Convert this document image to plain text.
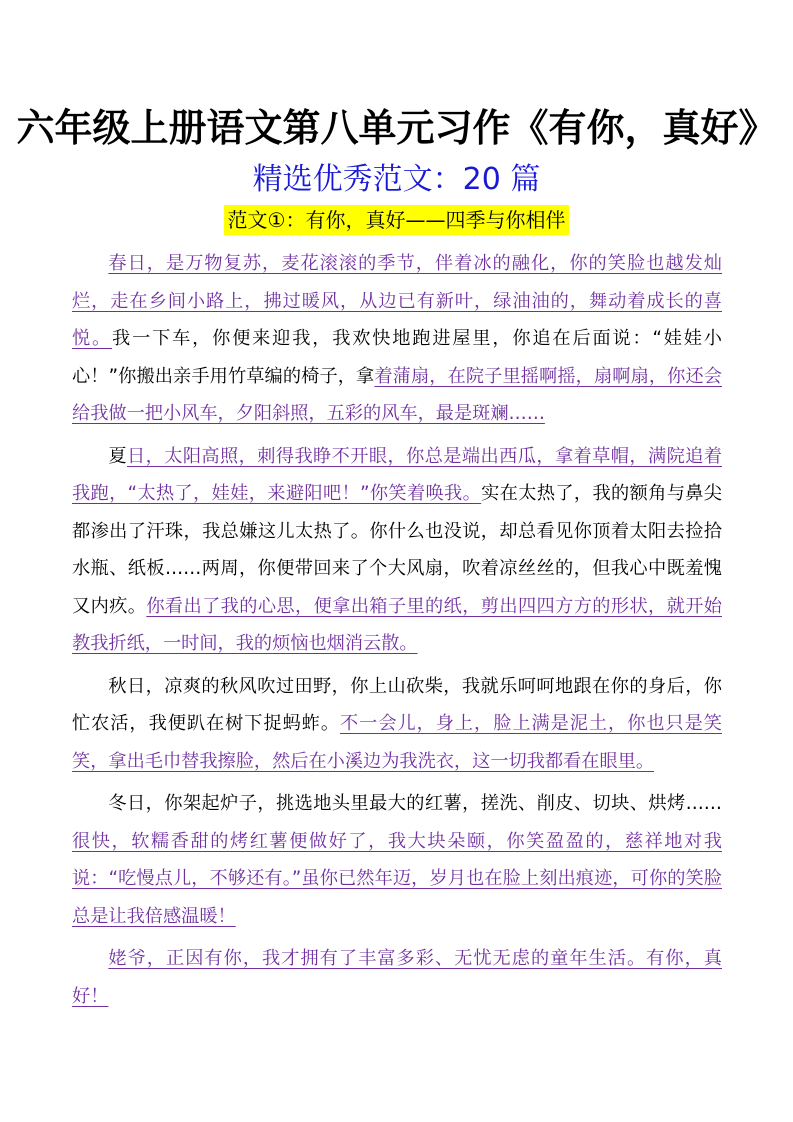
六年级上册语文第八单元习作《有你，真好》
精选优秀范文：20 篇
范文①：有你，真好——四季与你相伴

春日，是万物复苏，麦花滚滚的季节，伴着冰的融化，你的笑脸也越发灿烂，走在乡间小路上，拂过暖风，从边已有新叶，绿油油的，舞动着成长的喜悦。我一下车，你便来迎我，我欢快地跑进屋里，你追在后面说：“娃娃小心！”你搬出亲手用竹草编的椅子，拿着蒲扇，在院子里摇啊摇，扇啊扇，你还会给我做一把小风车，夕阳斜照，五彩的风车，最是斑斓……

夏日，太阳高照，刺得我睁不开眼，你总是端出西瓜，拿着草帽，满院追着我跑，“太热了，娃娃，来避阳吧！”你笑着唤我。实在太热了，我的额角与鼻尖都渗出了汗珠，我总嫌这儿太热了。你什么也没说，却总看见你顶着太阳去捡拾水瓶、纸板……两周，你便带回来了个大风扇，吹着凉丝丝的，但我心中既羞愧又内疚。你看出了我的心思，便拿出箱子里的纸，剪出四四方方的形状，就开始教我折纸，一时间，我的烦恼也烟消云散。

秋日，凉爽的秋风吹过田野，你上山砍柴，我就乐呵呵地跟在你的身后，你忙农活，我便趴在树下捉蚂蚱。不一会儿，身上，脸上满是泥土，你也只是笑笑，拿出毛巾替我擦脸，然后在小溪边为我洗衣，这一切我都看在眼里。

冬日，你架起炉子，挑选地头里最大的红薯，搓洗、削皮、切块、烘烤……很快，软糯香甜的烤红薯便做好了，我大块朵颐，你笑盈盈的，慈祥地对我说：“吃慢点儿，不够还有。”虽你已然年迈，岁月也在脸上刻出痕迹，可你的笑脸总是让我倍感温暖！

姥爷，正因有你，我才拥有了丰富多彩、无忧无虑的童年生活。有你，真好！
